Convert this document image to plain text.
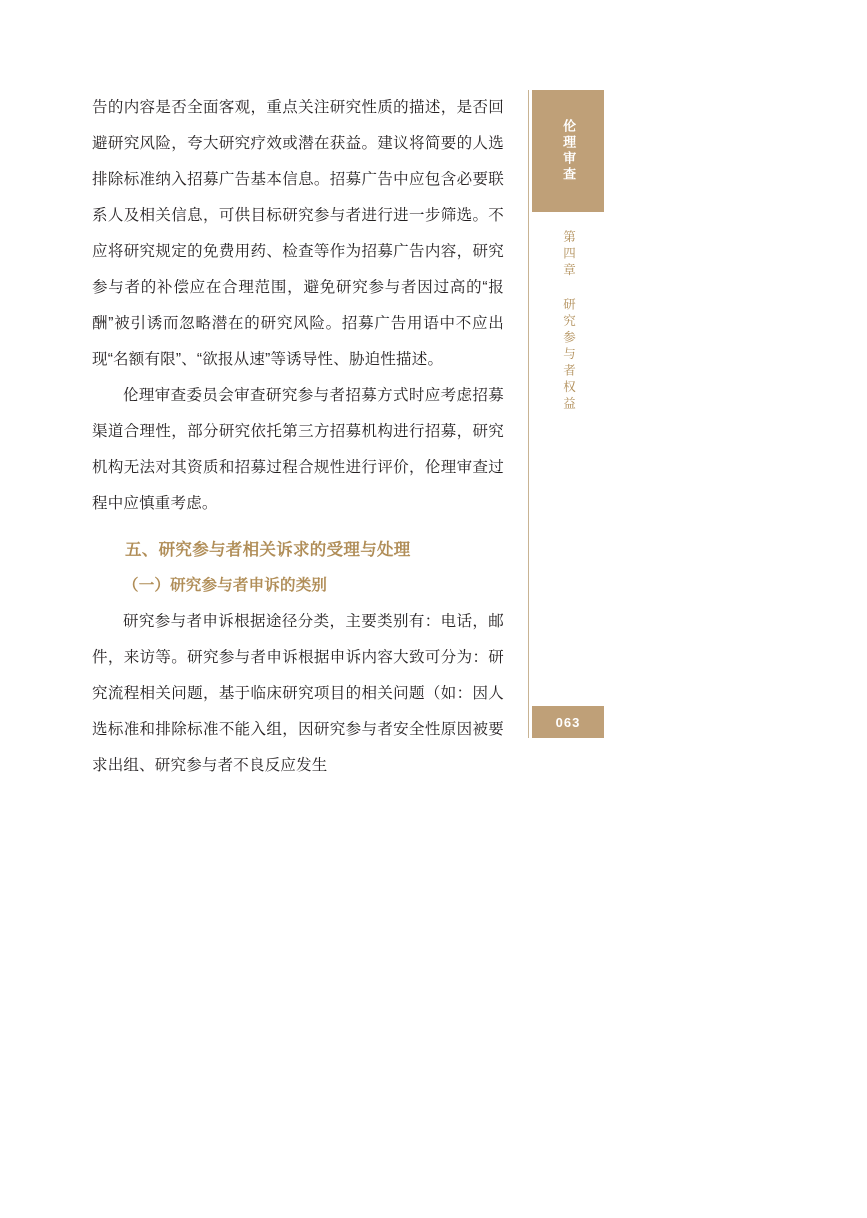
告的内容是否全面客观，重点关注研究性质的描述，是否回避研究风险，夸大研究疗效或潜在获益。建议将简要的人选排除标准纳入招募广告基本信息。招募广告中应包含必要联系人及相关信息，可供目标研究参与者进行进一步筛选。不应将研究规定的免费用药、检查等作为招募广告内容，研究参与者的补偿应在合理范围，避免研究参与者因过高的“报酬”被引诱而忽略潜在的研究风险。招募广告用语中不应出现“名额有限”、“欲报从速”等诱导性、胁迫性描述。

伦理审查委员会审查研究参与者招募方式时应考虑招募渠道合理性，部分研究依托第三方招募机构进行招募，研究机构无法对其资质和招募过程合规性进行评价，伦理审查过程中应慎重考虑。

五、研究参与者相关诉求的受理与处理
（一）研究参与者申诉的类别

研究参与者申诉根据途径分类，主要类别有：电话，邮件，来访等。研究参与者申诉根据申诉内容大致可分为：研究流程相关问题，基于临床研究项目的相关问题（如：因人选标准和排除标准不能入组，因研究参与者安全性原因被要求出组、研究参与者不良反应发生

伦理审查
第四章 研究参与者权益
063
